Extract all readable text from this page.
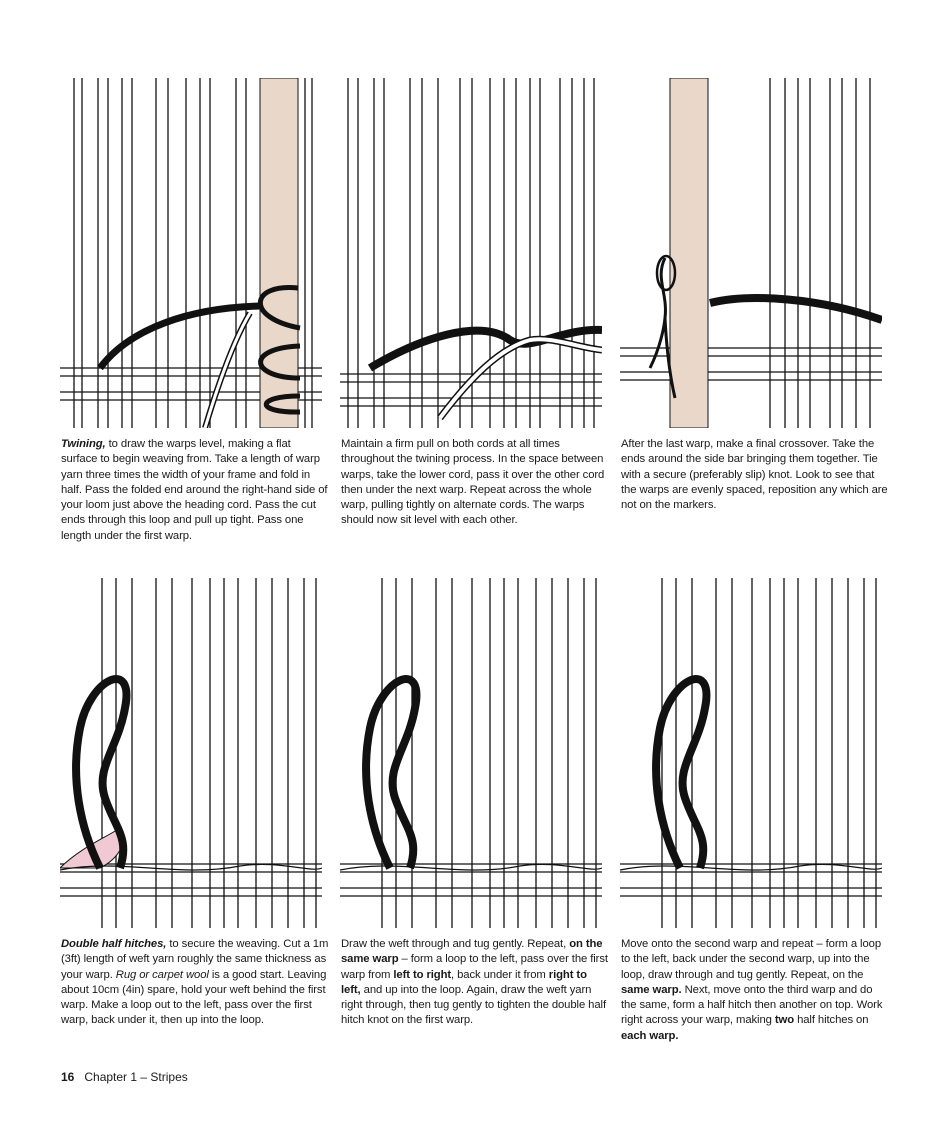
Twining, to draw the warps level, making a flat surface to begin weaving from. Take a length of warp yarn three times the width of your frame and fold in half. Pass the folded end around the right-hand side of your loom just above the heading cord. Pass the cut ends through this loop and pull up tight. Pass one length under the first warp.
Maintain a firm pull on both cords at all times throughout the twining process. In the space between warps, take the lower cord, pass it over the other cord then under the next warp. Repeat across the whole warp, pulling tightly on alternate cords. The warps should now sit level with each other.
After the last warp, make a final crossover. Take the ends around the side bar bringing them together. Tie with a secure (preferably slip) knot. Look to see that the warps are evenly spaced, reposition any which are not on the markers.
Double half hitches, to secure the weaving. Cut a 1m (3ft) length of weft yarn roughly the same thickness as your warp. Rug or carpet wool is a good start. Leaving about 10cm (4in) spare, hold your weft behind the first warp. Make a loop out to the left, pass over the first warp, back under it, then up into the loop.
Draw the weft through and tug gently. Repeat, on the same warp – form a loop to the left, pass over the first warp from left to right, back under it from right to left, and up into the loop. Again, draw the weft yarn right through, then tug gently to tighten the double half hitch knot on the first warp.
Move onto the second warp and repeat – form a loop to the left, back under the second warp, up into the loop, draw through and tug gently. Repeat, on the same warp. Next, move onto the third warp and do the same, form a half hitch then another on top. Work right across your warp, making two half hitches on each warp.
16 Chapter 1 – Stripes
